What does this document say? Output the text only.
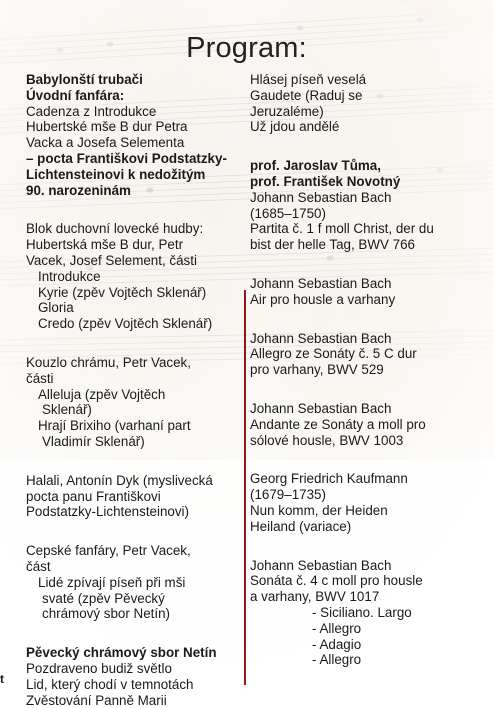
Program:
Babylonští trubači
Úvodní fanfára:
Cadenza z Introdukce
Hubertské mše B dur Petra
Vacka a Josefa Selementa
– pocta Františkovi Podstatzky-
Lichtensteinovi k nedožitým
90. narozeninám
Blok duchovní lovecké hudby:
Hubertská mše B dur, Petr
Vacek, Josef Selement, části
Introdukce
Kyrie (zpěv Vojtěch Sklenář)
Gloria
Credo (zpěv Vojtěch Sklenář)
Kouzlo chrámu, Petr Vacek,
části
Alleluja (zpěv Vojtěch
Sklenář)
Hrají Brixiho (varhaní part
Vladimír Sklenář)
Halali, Antonín Dyk (myslivecká
pocta panu Františkovi
Podstatzky-Lichtensteinovi)
Cepské fanfáry, Petr Vacek,
část
Lidé zpívají píseň při mši
svaté (zpěv Pěvecký
chrámový sbor Netín)
Pěvecký chrámový sbor Netín
Pozdraveno budiž světlo
Lid, který chodí v temnotách
Zvěstování Panně Marii
Hlásej píseň veselá
Gaudete (Raduj se
Jeruzaléme)
Už jdou andělé
prof. Jaroslav Tůma,
prof. František Novotný
Johann Sebastian Bach
(1685–1750)
Partita č. 1 f moll Christ, der du
bist der helle Tag, BWV 766
Johann Sebastian Bach
Air pro housle a varhany
Johann Sebastian Bach
Allegro ze Sonáty č. 5 C dur
pro varhany, BWV 529
Johann Sebastian Bach
Andante ze Sonáty a moll pro
sólové housle, BWV 1003
Georg Friedrich Kaufmann
(1679–1735)
Nun komm, der Heiden
Heiland (variace)
Johann Sebastian Bach
Sonáta č. 4 c moll pro housle
a varhany, BWV 1017
- Siciliano. Largo
- Allegro
- Adagio
- Allegro
t
